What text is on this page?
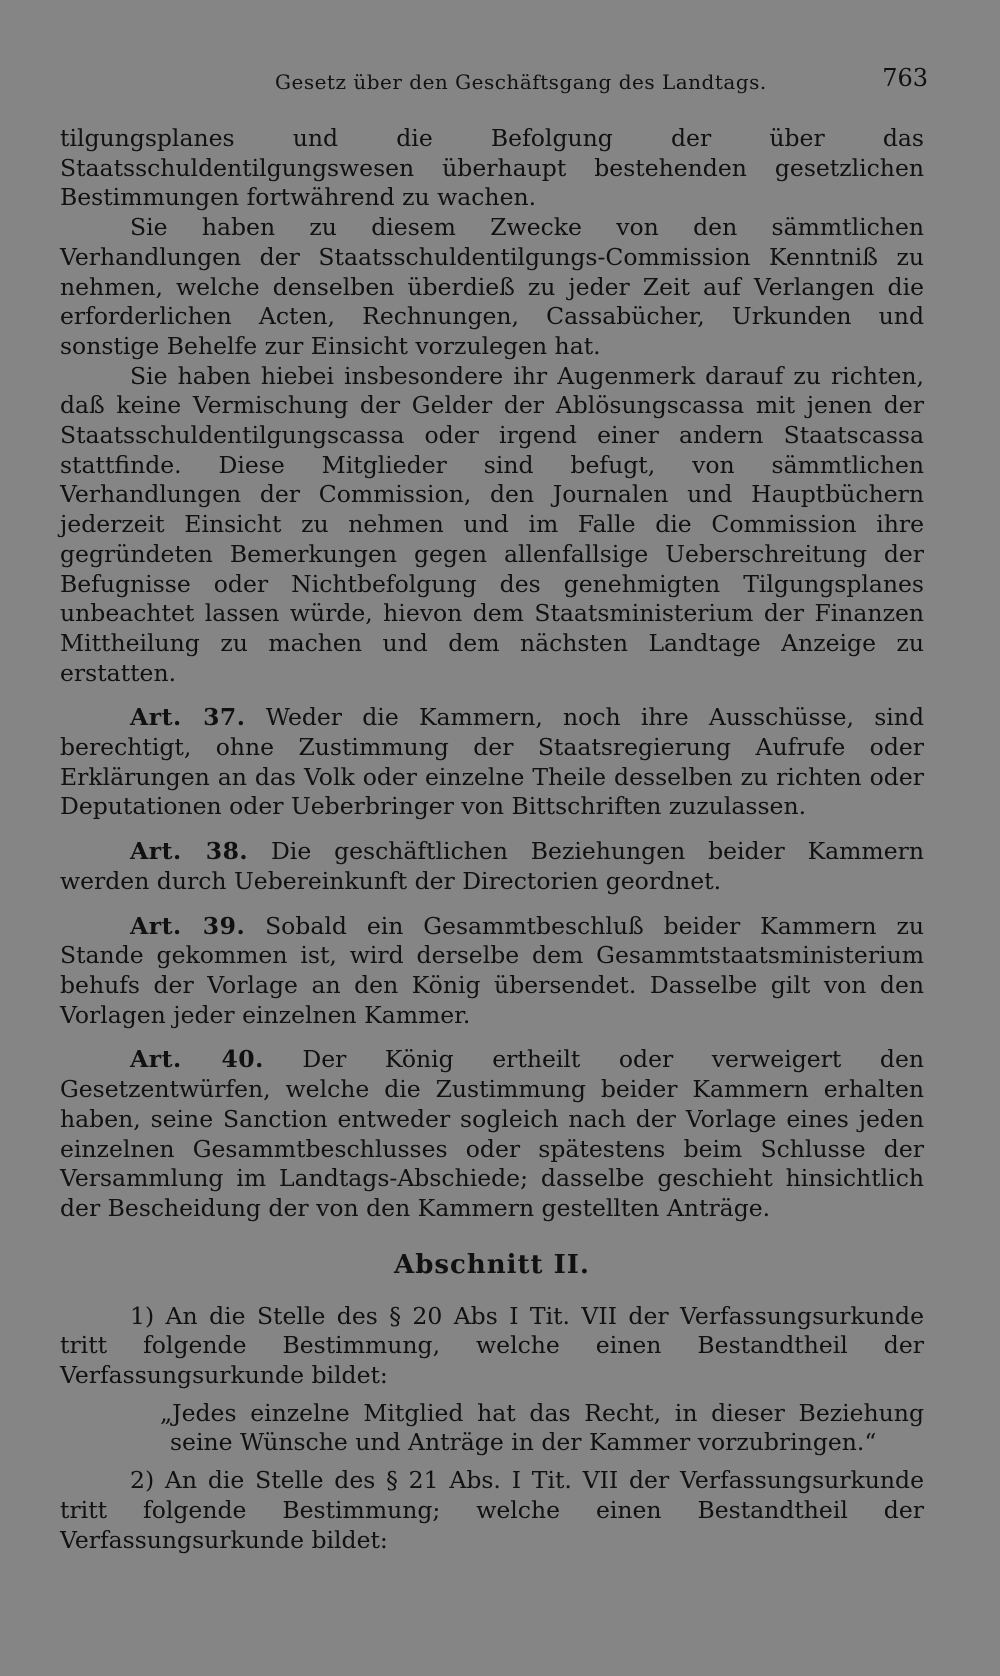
Gesetz über den Geschäftsgang des Landtags.	763

tilgungsplanes und die Befolgung der über das Staatsschuldentilgungswesen überhaupt bestehenden gesetzlichen Bestimmungen fortwährend zu wachen.

Sie haben zu diesem Zwecke von den sämmtlichen Verhandlungen der Staatsschuldentilgungs-Commission Kenntniß zu nehmen, welche denselben überdieß zu jeder Zeit auf Verlangen die erforderlichen Acten, Rechnungen, Cassabücher, Urkunden und sonstige Behelfe zur Einsicht vorzulegen hat.

Sie haben hiebei insbesondere ihr Augenmerk darauf zu richten, daß keine Vermischung der Gelder der Ablösungscassa mit jenen der Staatsschuldentilgungscassa oder irgend einer andern Staatscassa stattfinde. Diese Mitglieder sind befugt, von sämmtlichen Verhandlungen der Commission, den Journalen und Hauptbüchern jederzeit Einsicht zu nehmen und im Falle die Commission ihre gegründeten Bemerkungen gegen allenfallsige Ueberschreitung der Befugnisse oder Nichtbefolgung des genehmigten Tilgungsplanes unbeachtet lassen würde, hievon dem Staatsministerium der Finanzen Mittheilung zu machen und dem nächsten Landtage Anzeige zu erstatten.

Art. 37. Weder die Kammern, noch ihre Ausschüsse, sind berechtigt, ohne Zustimmung der Staatsregierung Aufrufe oder Erklärungen an das Volk oder einzelne Theile desselben zu richten oder Deputationen oder Ueberbringer von Bittschriften zuzulassen.

Art. 38. Die geschäftlichen Beziehungen beider Kammern werden durch Uebereinkunft der Directorien geordnet.

Art. 39. Sobald ein Gesammtbeschluß beider Kammern zu Stande gekommen ist, wird derselbe dem Gesammtstaatsministerium behufs der Vorlage an den König übersendet. Dasselbe gilt von den Vorlagen jeder einzelnen Kammer.

Art. 40. Der König ertheilt oder verweigert den Gesetzentwürfen, welche die Zustimmung beider Kammern erhalten haben, seine Sanction entweder sogleich nach der Vorlage eines jeden einzelnen Gesammtbeschlusses oder spätestens beim Schlusse der Versammlung im Landtags-Abschiede; dasselbe geschieht hinsichtlich der Bescheidung der von den Kammern gestellten Anträge.

Abschnitt II.

1) An die Stelle des § 20 Abs I Tit. VII der Verfassungsurkunde tritt folgende Bestimmung, welche einen Bestandtheil der Verfassungsurkunde bildet:

„Jedes einzelne Mitglied hat das Recht, in dieser Beziehung seine Wünsche und Anträge in der Kammer vorzubringen.“

2) An die Stelle des § 21 Abs. I Tit. VII der Verfassungsurkunde tritt folgende Bestimmung; welche einen Bestandtheil der Verfassungsurkunde bildet:
